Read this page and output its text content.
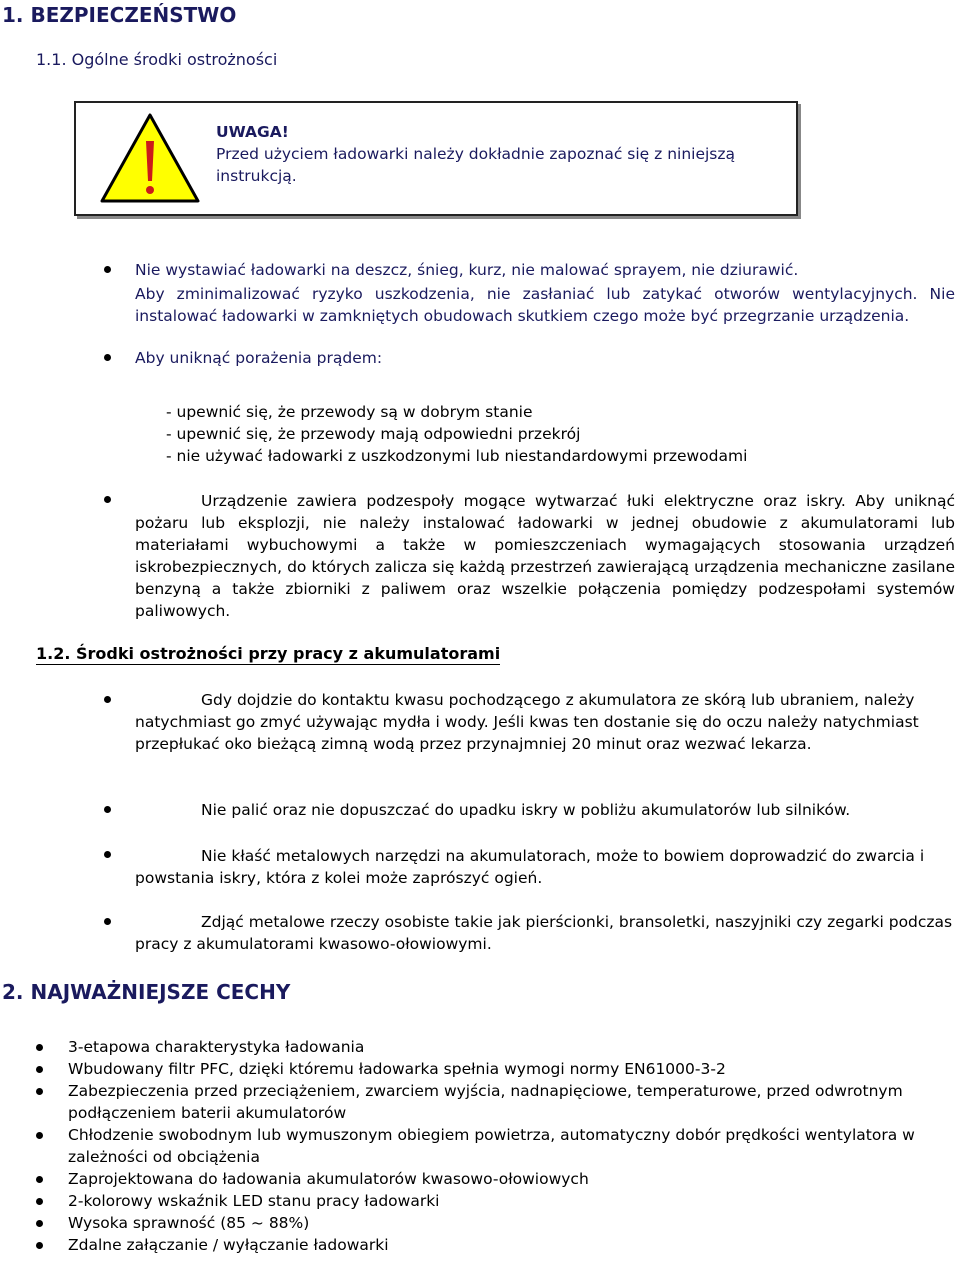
1. BEZPIECZEŃSTWO
1.1. Ogólne środki ostrożności
UWAGA!
Przed użyciem ładowarki należy dokładnie zapoznać się z niniejszą instrukcją.

Nie wystawiać ładowarki na deszcz, śnieg, kurz, nie malować sprayem, nie dziurawić.

Aby zminimalizować ryzyko uszkodzenia, nie zasłaniać lub zatykać otworów wentylacyjnych. Nie instalować ładowarki w zamkniętych obudowach skutkiem czego może być przegrzanie urządzenia.

Aby uniknąć porażenia prądem:
- upewnić się, że przewody są w dobrym stanie
- upewnić się, że przewody mają odpowiedni przekrój
- nie używać ładowarki z uszkodzonymi lub niestandardowymi przewodami

Urządzenie zawiera podzespoły mogące wytwarzać łuki elektryczne oraz iskry. Aby uniknąć pożaru lub eksplozji, nie należy instalować ładowarki w jednej obudowie z akumulatorami lub materiałami wybuchowymi a także w pomieszczeniach wymagających stosowania urządzeń iskrobezpiecznych, do których zalicza się każdą przestrzeń zawierającą urządzenia mechaniczne zasilane benzyną a także zbiorniki z paliwem oraz wszelkie połączenia pomiędzy podzespołami systemów paliwowych.

1.2. Środki ostrożności przy pracy z akumulatorami

Gdy dojdzie do kontaktu kwasu pochodzącego z akumulatora ze skórą lub ubraniem, należy natychmiast go zmyć używając mydła i wody. Jeśli kwas ten dostanie się do oczu należy natychmiast przepłukać oko bieżącą zimną wodą przez przynajmniej 20 minut oraz wezwać lekarza.

Nie palić oraz nie dopuszczać do upadku iskry w pobliżu akumulatorów lub silników.

Nie kłaść metalowych narzędzi na akumulatorach, może to bowiem doprowadzić do zwarcia i powstania iskry, która z kolei może zaprószyć ogień.

Zdjąć metalowe rzeczy osobiste takie jak pierścionki, bransoletki, naszyjniki czy zegarki podczas pracy z akumulatorami kwasowo-ołowiowymi.

2. NAJWAŻNIEJSZE CECHY
3-etapowa charakterystyka ładowania
Wbudowany filtr PFC, dzięki któremu ładowarka spełnia wymogi normy EN61000-3-2
Zabezpieczenia przed przeciążeniem, zwarciem wyjścia, nadnapięciowe, temperaturowe, przed odwrotnym podłączeniem baterii akumulatorów
Chłodzenie swobodnym lub wymuszonym obiegiem powietrza, automatyczny dobór prędkości wentylatora w zależności od obciążenia
Zaprojektowana do ładowania akumulatorów kwasowo-ołowiowych
2-kolorowy wskaźnik LED stanu pracy ładowarki
Wysoka sprawność (85 ~ 88%)
Zdalne załączanie / wyłączanie ładowarki
